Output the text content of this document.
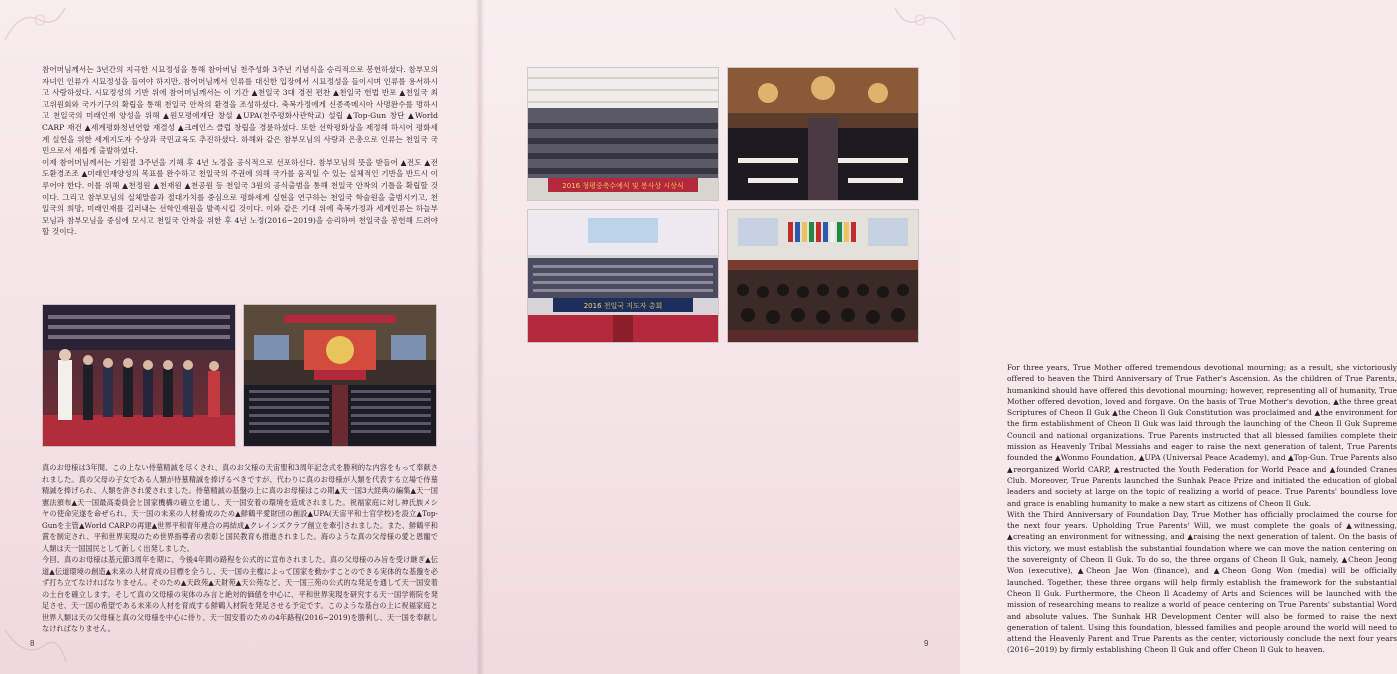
참어머님께서는 3년간의 지극한 시묘정성을 통해 참아버님 천주성화 3주년 기념식을 승리적으로 봉헌하셨다. 참부모의 자녀인 인류가 시묘정성을 들여야 하지만, 참어머님께서 인류를 대신한 입장에서 시묘정성을 들이시며 인류를 용서하시고 사랑하셨다. 시묘정성의 기반 위에 참어머님께서는 이 기간 ▲천일국 3대 경전 편찬 ▲천일국 헌법 반포 ▲천일국 최고위원회와 국가기구의 확립을 통해 천일국 안착의 환경을 조성하셨다. 축복가정에게 신종족메시아 사명완수를 명하시고 천일국의 미래인재 양성을 위해 ▲원모평애재단 창설 ▲UPA(천주평화사관학교) 설립 ▲Top-Gun 창단 ▲World CARP 재건 ▲세계평화청년연합 재결성 ▲크레인스 클럽 창립을 경륜하셨다. 또한 선학평화상을 제정해 하시어 평화세계 실현을 위한 세계지도자 수상과 국민교육도 추진하셨다. 하해와 같은 참부모님의 사랑과 은총으로 인류는 천일국 국민으로서 새롭게 출발하였다.
이제 참어머님께서는 기원절 3주년을 기해 후 4년 노정을 공식적으로 선포하신다. 참부모님의 뜻을 받들어 ▲전도 ▲전도환경조조 ▲미래인재양성의 목표를 완수하고 천일국의 주권에 의해 국가를 움직일 수 있는 실체적인 기반을 반드시 이루어야 한다. 이를 위해 ▲천정원 ▲천재원 ▲천공원 등 천일국 3원의 공식출범을 통해 천일국 안착의 기틀을 확립할 것이다. 그리고 참부모님의 실체말씀과 절대가치를 중심으로 평화세계 실현을 연구하는 천일국 학술원을 출범시키고, 천일국의 희망, 미래인재를 길러내는 선학인재원을 발족시킬 것이다. 이와 같은 기대 위에 축복가정과 세계인류는 하늘부모님과 참부모님을 중심에 모시고 천일국 안착을 위한 후 4년 노정(2016~2019)을 승리하여 천일국을 봉헌해 드려야 할 것이다.
真のお母様は3年間、この上ない侍墓精誠を尽くされ、真のお父様の天宙聖和3周年記念式を勝利的な内容をもって奉献されました。真の父母の子女である人類が侍墓精誠を捧げるべきですが、代わりに真のお母様が人類を代表する立場で侍墓精誠を捧げられ、人類を許され愛されました。侍墓精誠の基盤の上に真のお母様はこの期▲天一国3大経典の編集▲天一国憲法頒布▲天一国最高委員会と国家機構の確立を通し、天一国安着の環境を造成されました。祝福家庭に対し神氏族メシヤの使命完遂を命ぜられ、天一国の未来の人材養成のため▲鮮鶴平愛財団の創設▲UPA(天宙平和士官学校)を設立▲Top-Gunを主管▲World CARPの再建▲世界平和青年連合の再結成▲クレインズクラブ創立を牽引されました。また、鮮鶴平和賞を制定され、平和世界実現のため世界指導者の表彰と国民教育も推進されました。海のような真の父母様の愛と恩寵で人類は天一国国民として新しく出発しました。
今回、真のお母様は基元節3周年を期に、今後4年間の路程を公式的に宣布されました。真の父母様のみ旨を受け継ぎ▲伝道▲伝道環境の創造▲未来の人材育成の目標を全うし、天一国の主権によって国家を動かすことのできる実体的な基盤を必ず打ち立てなければなりません。そのため▲天政苑▲天財苑▲天公苑など、天一国三苑の公式的な発足を通して天一国安着の土台を確立します。そして真の父母様の実体のみ言と絶対的価値を中心に、平和世界実現を研究する天一国学術院を発足させ、天一国の希望である未来の人材を育成する鮮鶴人材院を発足させる予定です。このような基台の上に祝福家庭と世界人類は天の父母様と真の父母様を中心に侍り、天一国安着のための4年路程(2016~2019)を勝利し、天一国を奉献しなければなりません。
8
2016 청평중축수예식 및 봉사상 시상식
2016 천일국 지도자 총회

For three years, True Mother offered tremendous devotional mourning; as a result, she victoriously offered to heaven the Third Anniversary of True Father's Ascension. As the children of True Parents, humankind should have offered this devotional mourning; however, representing all of humanity, True Mother offered devotion, loved and forgave. On the basis of True Mother's devotion, ▲the three great Scriptures of Cheon Il Guk ▲the Cheon Il Guk Constitution was proclaimed and ▲the environment for the firm establishment of Cheon Il Guk was laid through the launching of the Cheon Il Guk Supreme Council and national organizations. True Parents instructed that all blessed families complete their mission as Heavenly Tribal Messiahs and eager to raise the next generation of talent, True Parents founded the ▲Wonmo Foundation, ▲UPA (Universal Peace Academy), and ▲Top-Gun. True Parents also ▲reorganized World CARP, ▲restructed the Youth Federation for World Peace and ▲founded Cranes Club. Moreover, True Parents launched the Sunhak Peace Prize and initiated the education of global leaders and society at large on the topic of realizing a world of peace. True Parents' boundless love and grace is enabling humanity to make a new start as citizens of Cheon Il Guk.

With the Third Anniversary of Foundation Day, True Mother has officially proclaimed the course for the next four years. Upholding True Parents' Will, we must complete the goals of ▲witnessing, ▲creating an environment for witnessing, and ▲raising the next generation of talent. On the basis of this victory, we must establish the substantial foundation where we can move the nation centering on the sovereignty of Cheon Il Guk. To do so, the three organs of Cheon Il Guk, namely, ▲Cheon Jeong Won (executive), ▲Cheon Jae Won (finance), and ▲Cheon Gong Won (media) will be officially launched. Together, these three organs will help firmly establish the framework for the substantial Cheon Il Guk. Furthermore, the Cheon Il Academy of Arts and Sciences will be launched with the mission of researching means to realize a world of peace centering on True Parents' substantial Word and absolute values. The Sunhak HR Development Center will also be formed to raise the next generation of talent. Using this foundation, blessed families and people around the world will need to attend the Heavenly Parent and True Parents as the center, victoriously conclude the next four years (2016~2019) by firmly establishing Cheon Il Guk and offer Cheon Il Guk to heaven.

9
